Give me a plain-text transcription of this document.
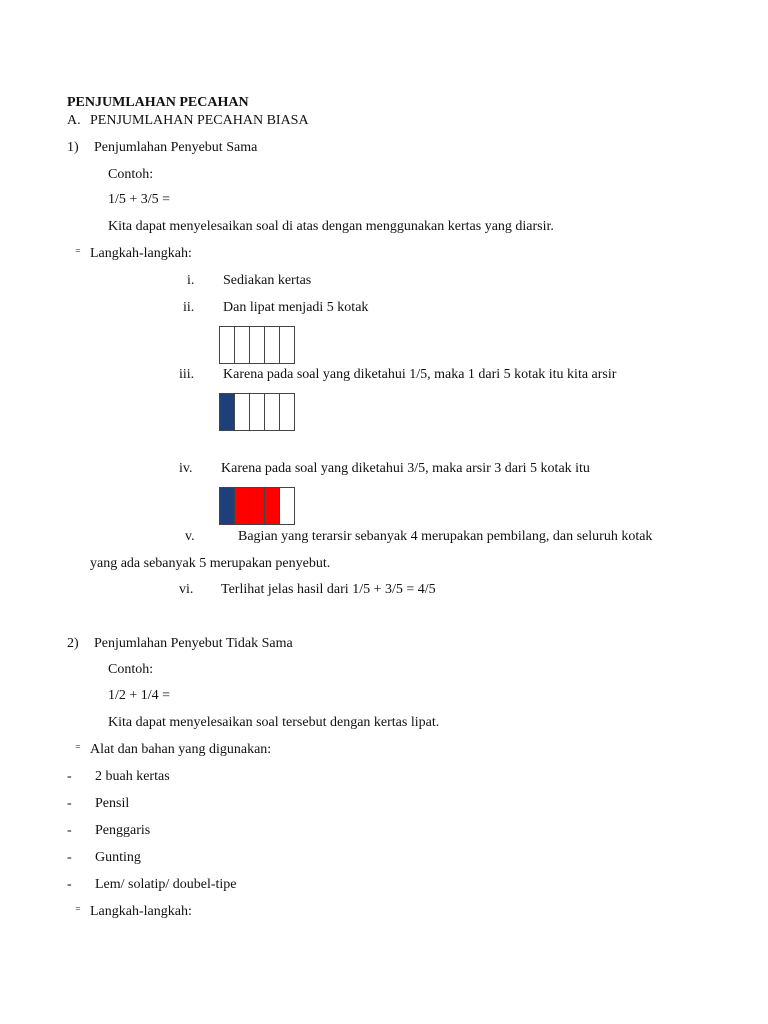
PENJUMLAHAN PECAHAN
A. PENJUMLAHAN PECAHAN BIASA
1) Penjumlahan Penyebut Sama
Contoh:
1/5 + 3/5 =
Kita dapat menyelesaikan soal di atas dengan menggunakan kertas yang diarsir.
⁼ Langkah-langkah:
i. Sediakan kertas
ii. Dan lipat menjadi 5 kotak
iii. Karena pada soal yang diketahui 1/5, maka 1 dari 5 kotak itu kita arsir
iv. Karena pada soal yang diketahui 3/5, maka arsir 3 dari 5 kotak itu
v.	Bagian yang terarsir sebanyak 4 merupakan pembilang, dan seluruh kotak
yang ada sebanyak 5 merupakan penyebut.
vi. Terlihat jelas hasil dari 1/5 + 3/5 = 4/5
2) Penjumlahan Penyebut Tidak Sama
Contoh:
1/2 + 1/4 =
Kita dapat menyelesaikan soal tersebut dengan kertas lipat.
⁼ Alat dan bahan yang digunakan:
- 2 buah kertas
- Pensil
- Penggaris
- Gunting
- Lem/ solatip/ doubel-tipe
⁼ Langkah-langkah:
